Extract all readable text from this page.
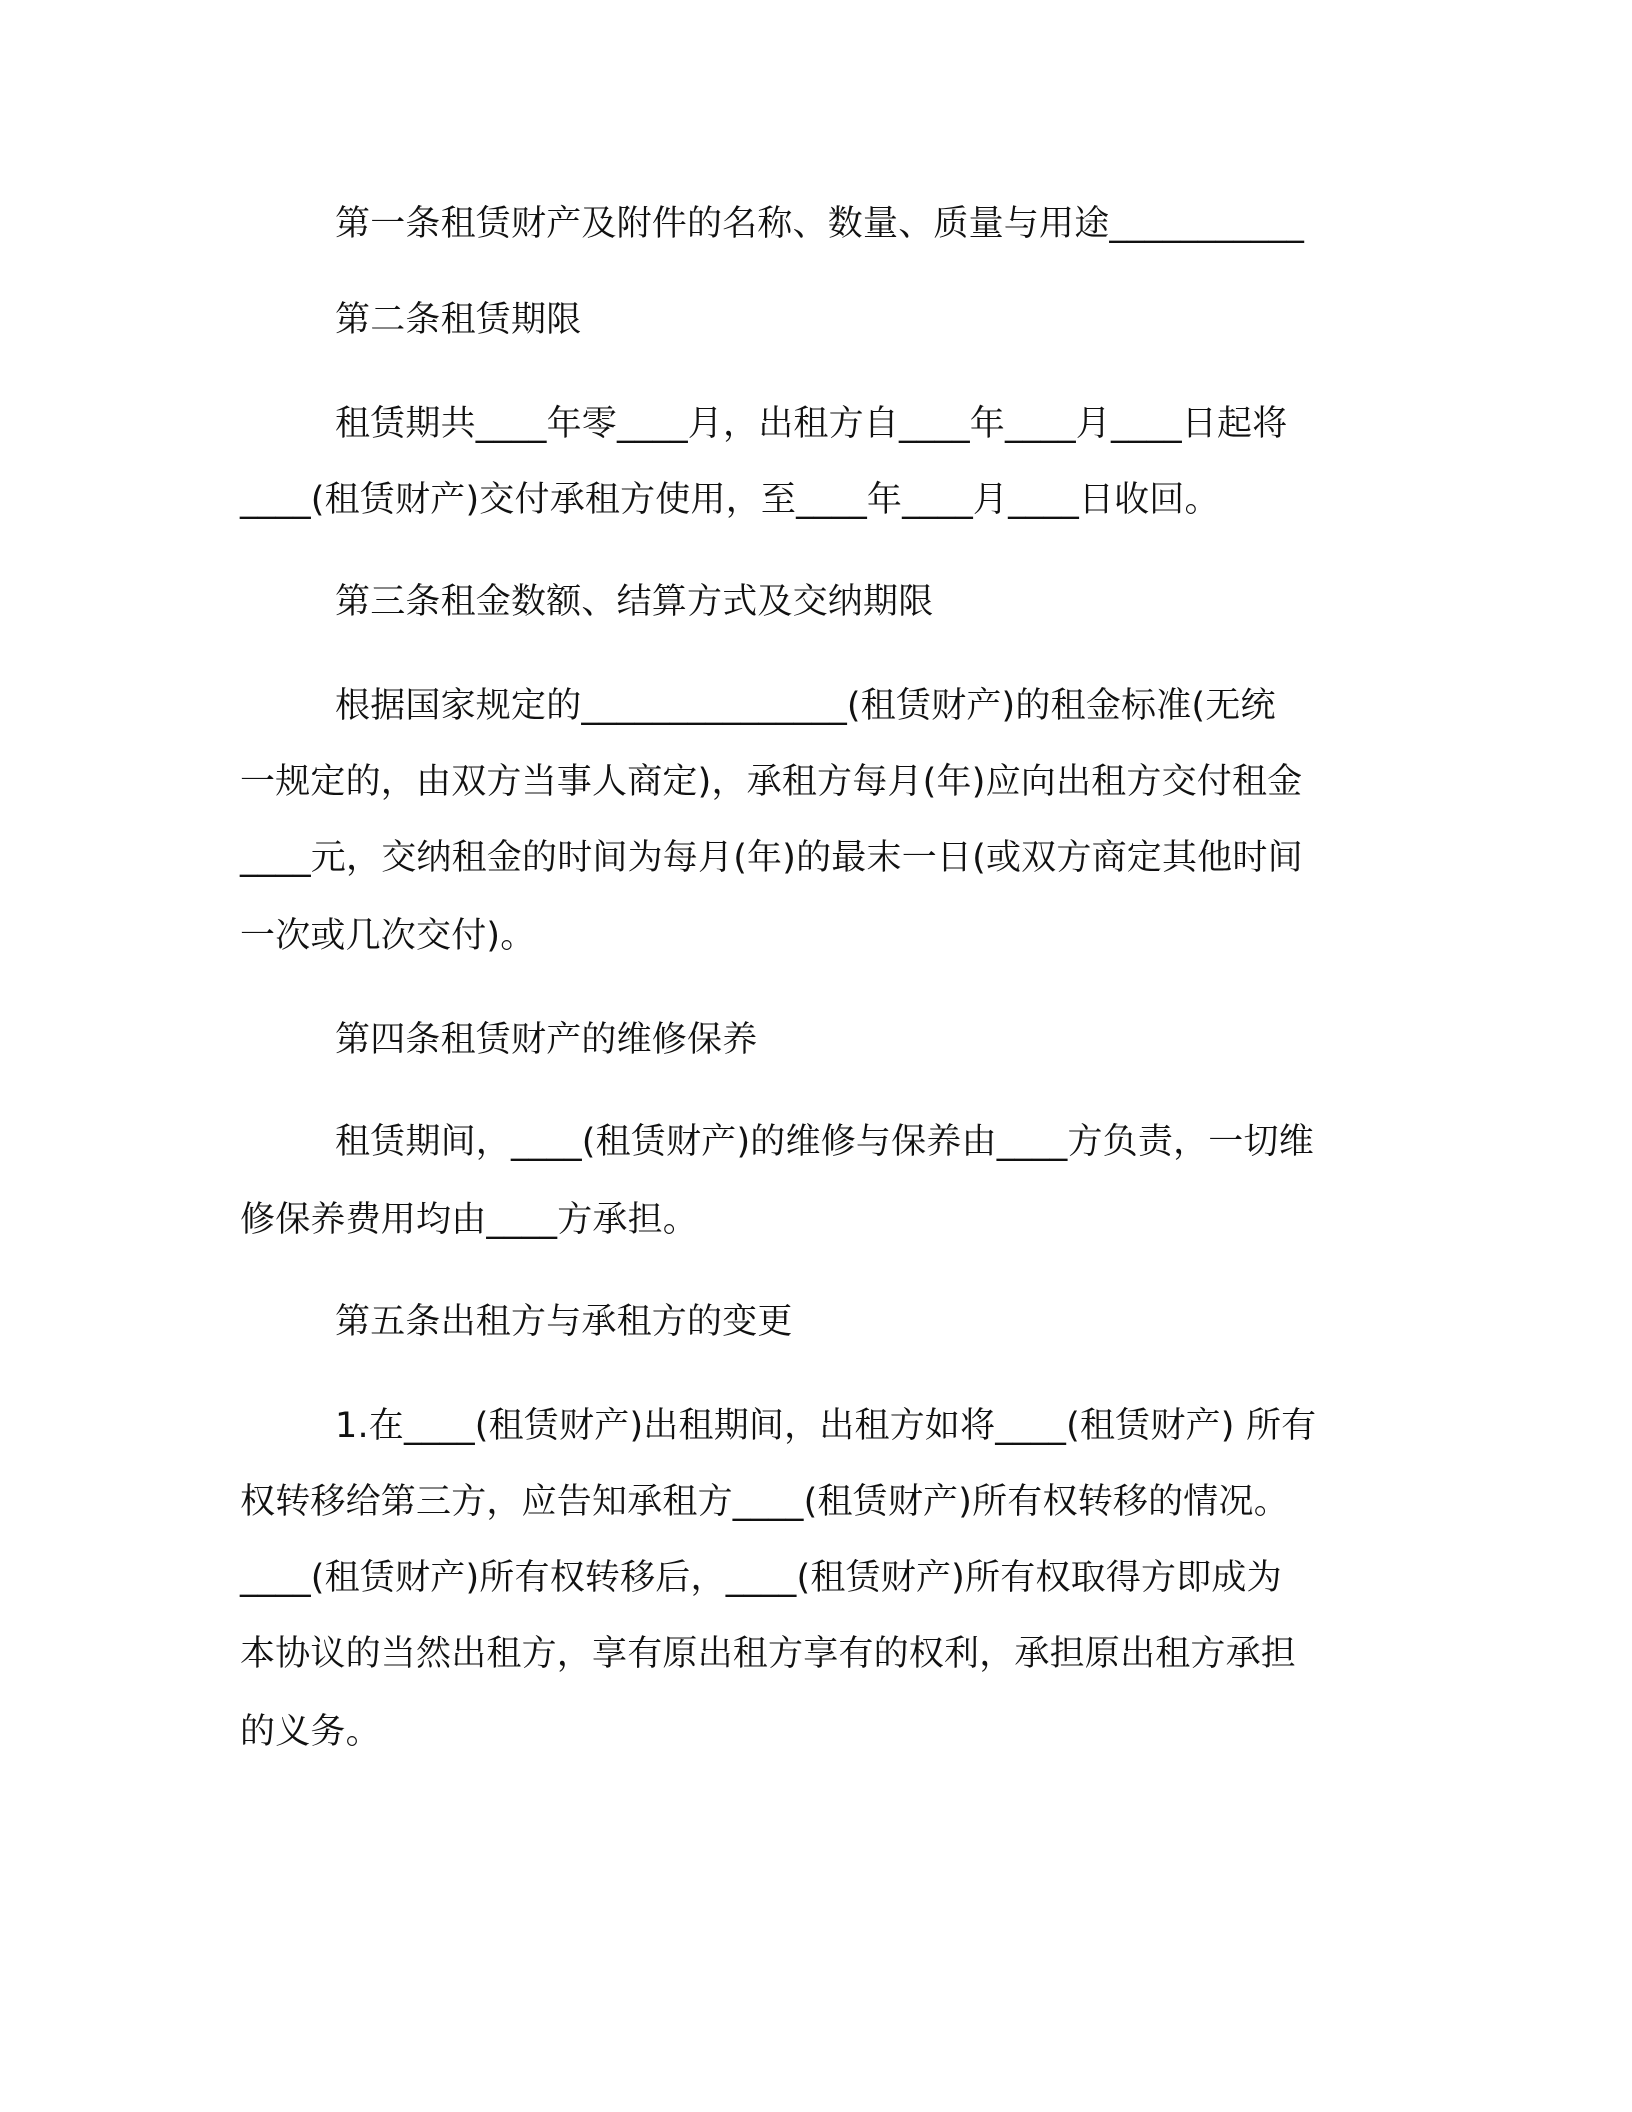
第一条租赁财产及附件的名称、数量、质量与用途___________
第二条租赁期限
租赁期共____年零____月，出租方自____年____月____日起将
____(租赁财产)交付承租方使用，至____年____月____日收回。
第三条租金数额、结算方式及交纳期限
根据国家规定的_______________(租赁财产)的租金标准(无统
一规定的，由双方当事人商定)，承租方每月(年)应向出租方交付租金
____元，交纳租金的时间为每月(年)的最末一日(或双方商定其他时间
一次或几次交付)。
第四条租赁财产的维修保养
租赁期间，____(租赁财产)的维修与保养由____方负责，一切维
修保养费用均由____方承担。
第五条出租方与承租方的变更
1.在____(租赁财产)出租期间，出租方如将____(租赁财产) 所有
权转移给第三方，应告知承租方____(租赁财产)所有权转移的情况。
____(租赁财产)所有权转移后，____(租赁财产)所有权取得方即成为
本协议的当然出租方，享有原出租方享有的权利，承担原出租方承担
的义务。
